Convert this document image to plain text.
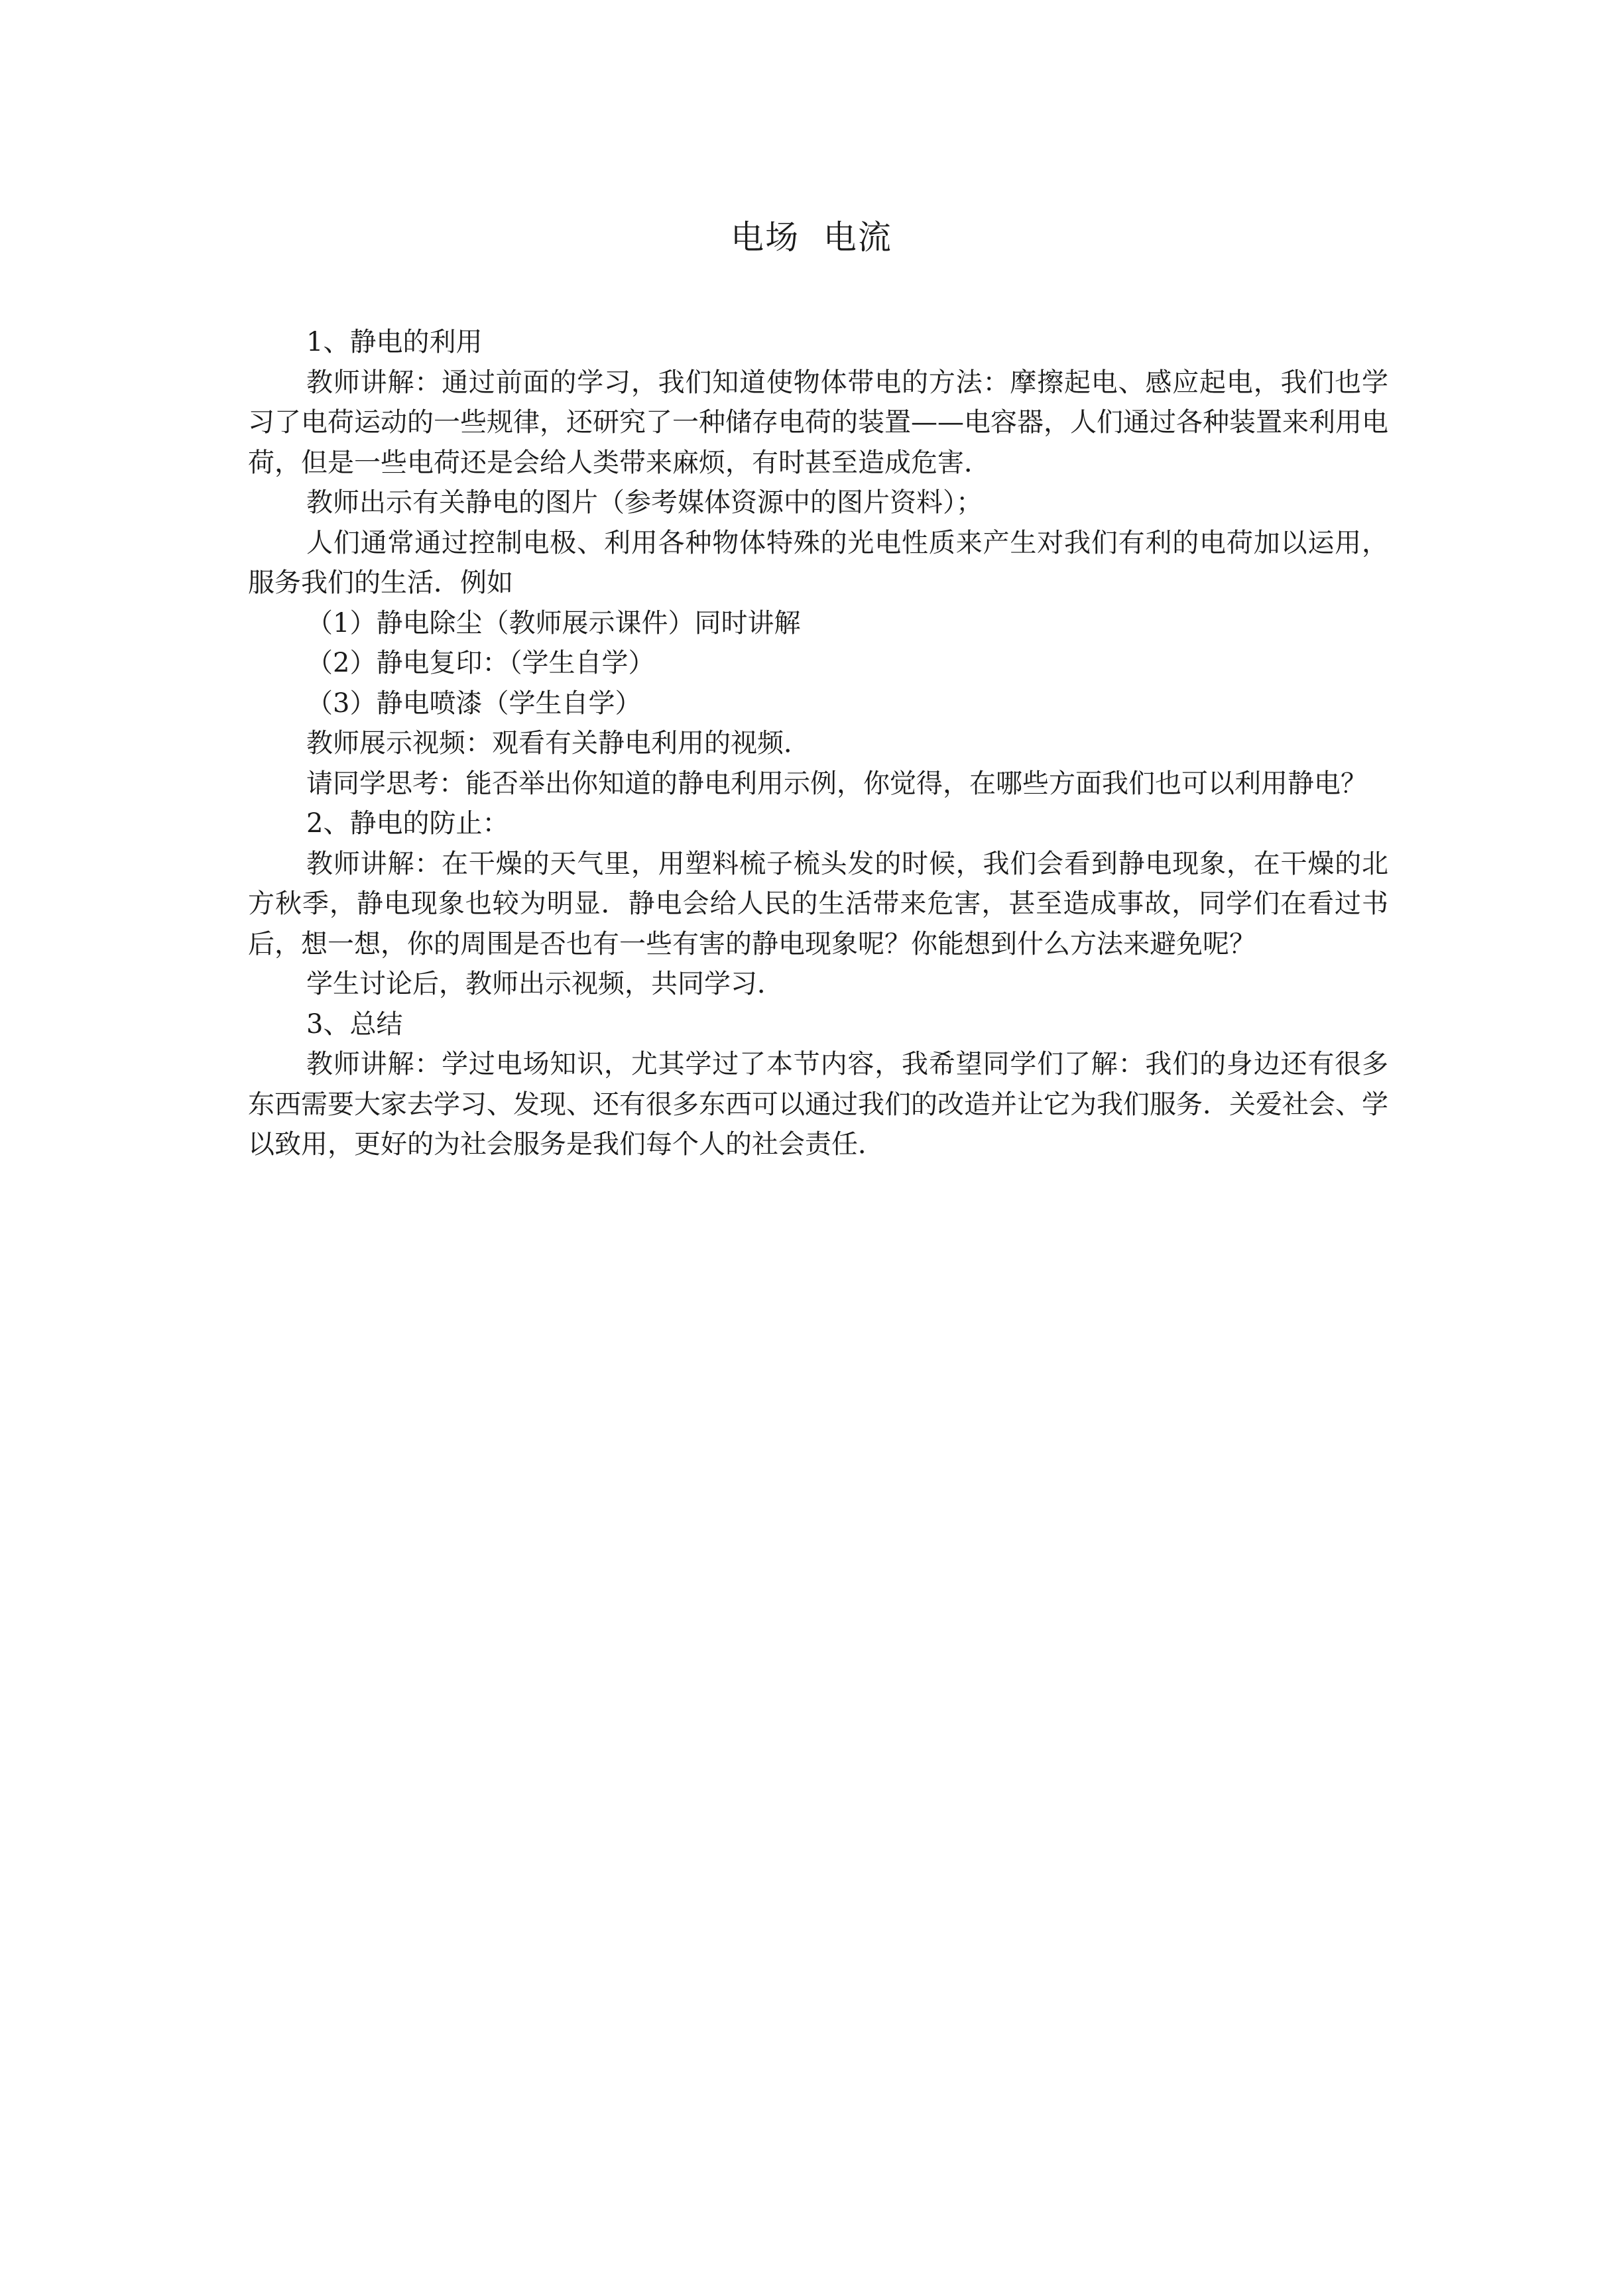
电场  电流

1、静电的利用

教师讲解：通过前面的学习，我们知道使物体带电的方法：摩擦起电、感应起电，我们也学习了电荷运动的一些规律，还研究了一种储存电荷的装置——电容器，人们通过各种装置来利用电荷，但是一些电荷还是会给人类带来麻烦，有时甚至造成危害．

教师出示有关静电的图片（参考媒体资源中的图片资料）；

人们通常通过控制电极、利用各种物体特殊的光电性质来产生对我们有利的电荷加以运用，服务我们的生活．例如

（1）静电除尘（教师展示课件）同时讲解

（2）静电复印：（学生自学）

（3）静电喷漆（学生自学）

教师展示视频：观看有关静电利用的视频．

请同学思考：能否举出你知道的静电利用示例，你觉得，在哪些方面我们也可以利用静电？

2、静电的防止：

教师讲解：在干燥的天气里，用塑料梳子梳头发的时候，我们会看到静电现象，在干燥的北方秋季，静电现象也较为明显．静电会给人民的生活带来危害，甚至造成事故，同学们在看过书后，想一想，你的周围是否也有一些有害的静电现象呢？你能想到什么方法来避免呢？

学生讨论后，教师出示视频，共同学习．

3、总结

教师讲解：学过电场知识，尤其学过了本节内容，我希望同学们了解：我们的身边还有很多东西需要大家去学习、发现、还有很多东西可以通过我们的改造并让它为我们服务．关爱社会、学以致用，更好的为社会服务是我们每个人的社会责任．
